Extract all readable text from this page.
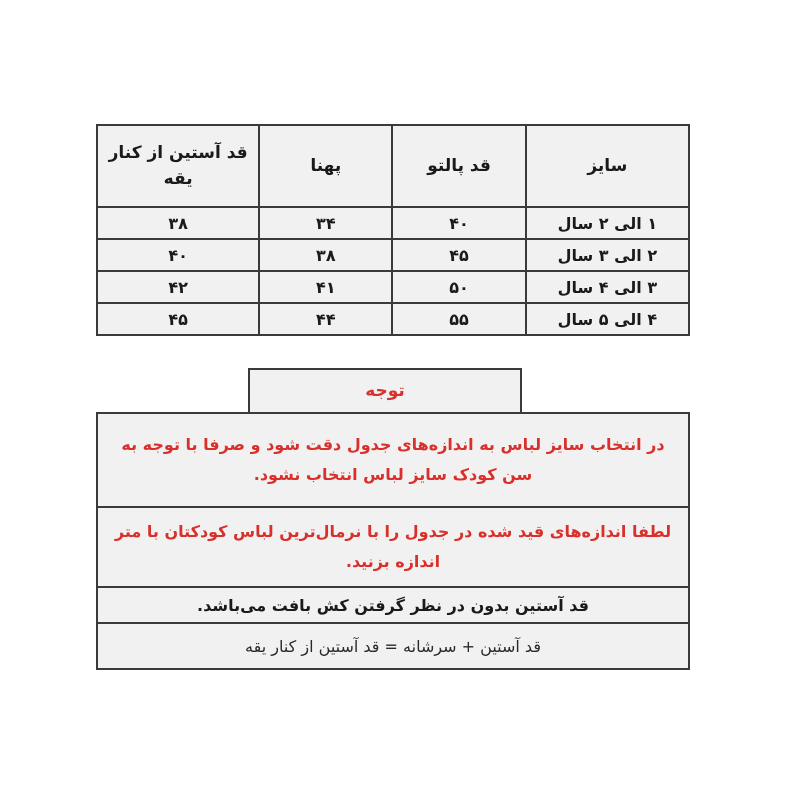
سایز	قد پالتو	پهنا	قد آستین از کنار یقه
۱ الی ۲ سال	۴۰	۳۴	۳۸
۲ الی ۳ سال	۴۵	۳۸	۴۰
۳ الی ۴ سال	۵۰	۴۱	۴۲
۴ الی ۵ سال	۵۵	۴۴	۴۵
توجه
در انتخاب سایز لباس به اندازه‌های جدول دقت شود و صرفا با توجه به سن کودک سایز لباس انتخاب نشود.
لطفا اندازه‌های قید شده در جدول را با نرمال‌ترین لباس کودکتان با متر اندازه بزنید.
قد آستین بدون در نظر گرفتن کش بافت می‌باشد.
قد آستین + سرشانه = قد آستین از کنار یقه
